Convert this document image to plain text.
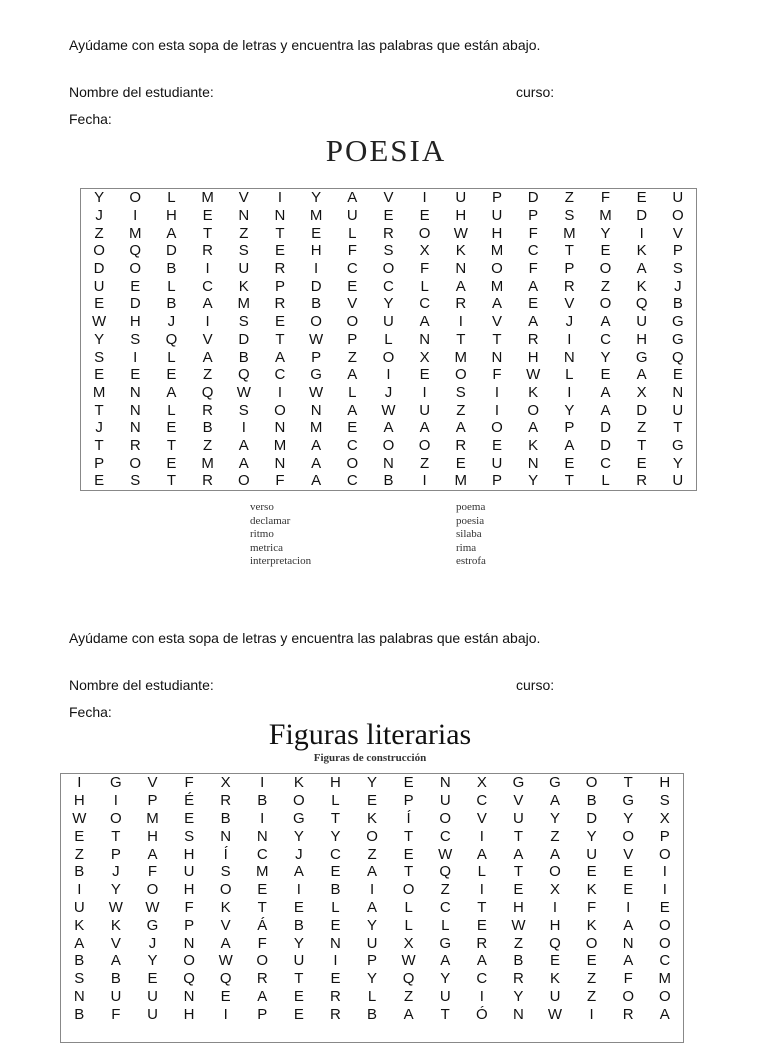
Ayúdame con esta sopa de letras y encuentra las palabras que están abajo.
Nombre del estudiante:	curso:
Fecha:
POESIA
Y	O	L	M	V	I	Y	A	V	I	U	P	D	Z	F	E	U
J	I	H	E	N	N	M	U	E	E	H	U	P	S	M	D	O
Z	M	A	T	Z	T	E	L	R	O	W	H	F	M	Y	I	V
O	Q	D	R	S	E	H	F	S	X	K	M	C	T	E	K	P
D	O	B	I	U	R	I	C	O	F	N	O	F	P	O	A	S
U	E	L	C	K	P	D	E	C	L	A	M	A	R	Z	K	J
E	D	B	A	M	R	B	V	Y	C	R	A	E	V	O	Q	B
W	H	J	I	S	E	O	O	U	A	I	V	A	J	A	U	G
Y	S	Q	V	D	T	W	P	L	N	T	T	R	I	C	H	G
S	I	L	A	B	A	P	Z	O	X	M	N	H	N	Y	G	Q
E	E	E	Z	Q	C	G	A	I	E	O	F	W	L	E	A	E
M	N	A	Q	W	I	W	L	J	I	S	I	K	I	A	X	N
T	N	L	R	S	O	N	A	W	U	Z	I	O	Y	A	D	U
J	N	E	B	I	N	M	E	A	A	A	O	A	P	D	Z	T
T	R	T	Z	A	M	A	C	O	O	R	E	K	A	D	T	G
P	O	E	M	A	N	A	O	N	Z	E	U	N	E	C	E	Y
E	S	T	R	O	F	A	C	B	I	M	P	Y	T	L	R	U
verso	poema
declamar	poesia
ritmo	silaba
metrica	rima
interpretacion	estrofa
Ayúdame con esta sopa de letras y encuentra las palabras que están abajo.
Nombre del estudiante:	curso:
Fecha:
Figuras literarias
Figuras de construcción
I	G	V	F	X	I	K	H	Y	E	N	X	G	G	O	T	H
H	I	P	É	R	B	O	L	E	P	U	C	V	A	B	G	S
W	O	M	E	B	I	G	T	K	Í	O	V	U	Y	D	Y	X
E	T	H	S	N	N	Y	Y	O	T	C	I	T	Z	Y	O	P
Z	P	A	H	Í	C	J	C	Z	E	W	A	A	A	U	V	O
B	J	F	U	S	M	A	E	A	T	Q	L	T	O	E	E	I
I	Y	O	H	O	E	I	B	I	O	Z	I	E	X	K	E	I
U	W	W	F	K	T	E	L	A	L	C	T	H	I	F	I	E
K	K	G	P	V	Á	B	E	Y	L	L	E	W	H	K	A	O
A	V	J	N	A	F	Y	N	U	X	G	R	Z	Q	O	N	O
B	A	Y	O	W	O	U	I	P	W	A	A	B	E	E	A	C
S	B	E	Q	Q	R	T	E	Y	Q	Y	C	R	K	Z	F	M
N	U	U	N	E	A	E	R	L	Z	U	I	Y	U	Z	O	O
B	F	U	H	I	P	E	R	B	A	T	Ó	N	W	I	R	A
